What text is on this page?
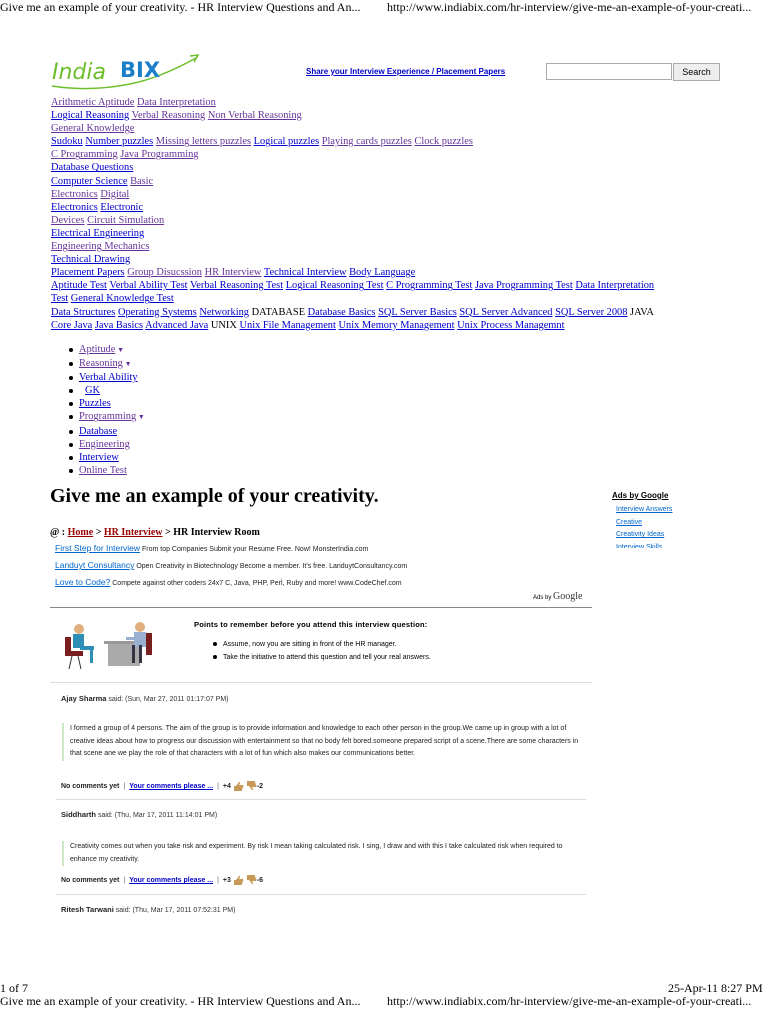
Give me an example of your creativity. - HR Interview Questions and An... http://www.indiabix.com/hr-interview/give-me-an-example-of-your-creati...
India BIX	Share your Interview Experience / Placement Papers	Search
Arithmetic Aptitude Data Interpretation
Logical Reasoning Verbal Reasoning Non Verbal Reasoning
General Knowledge
Sudoku Number puzzles Missing letters puzzles Logical puzzles Playing cards puzzles Clock puzzles
C Programming Java Programming
Database Questions
Computer Science Basic
Electronics Digital
Electronics Electronic
Devices Circuit Simulation
Electrical Engineering
Engineering Mechanics
Technical Drawing
Placement Papers Group Disucssion HR Interview Technical Interview Body Language
Aptitude Test Verbal Ability Test Verbal Reasoning Test Logical Reasoning Test C Programming Test Java Programming Test Data Interpretation
Test General Knowledge Test
Data Structures Operating Systems Networking DATABASE Database Basics SQL Server Basics SQL Server Advanced SQL Server 2008 JAVA
Core Java Java Basics Advanced Java UNIX Unix File Management Unix Memory Management Unix Process Managemnt
Aptitude ▼
Reasoning ▼
Verbal Ability
GK
Puzzles
Programming ▼
Database
Engineering
Interview
Online Test
Give me an example of your creativity.	Ads by Google
Interview Answers
Creative
Creativity Ideas
Interview Skills
@ : Home > HR Interview > HR Interview Room
First Step for Interview From top Companies Submit your Resume Free. Now! MonsterIndia.com
Landuyt Consultancy Open Creativity in Biotechnology Become a member. It's free. LanduytConsultancy.com
Love to Code? Compete against other coders 24x7 C, Java, PHP, Perl, Ruby and more! www.CodeChef.com
Ads by Google
Points to remember before you attend this interview question:
Assume, now you are sitting in front of the HR manager.
Take the initiative to attend this question and tell your real answers.
Ajay Sharma said: (Sun, Mar 27, 2011 01:17:07 PM)
I formed a group of 4 persons. The aim of the group is to provide information and knowledge to each other person in the group.We came up in group with a lot of creative ideas about how to progress our discussion with entertainment so that no body felt bored.someone prepared script of a scene.There are some characters in that scene ane we play the role of that characters with a lot of fun which also makes our communications better.
No comments yet | Your comments please ... | +4	-2
Siddharth said: (Thu, Mar 17, 2011 11:14:01 PM)
Creativity comes out when you take risk and experiment. By risk I mean taking calculated risk. I sing, I draw and with this I take calculated risk when required to enhance my creativity.
No comments yet | Your comments please ... | +3	-6
Ritesh Tarwani said: (Thu, Mar 17, 2011 07:52:31 PM)
1 of 7	25-Apr-11 8:27 PM
Give me an example of your creativity. - HR Interview Questions and An... http://www.indiabix.com/hr-interview/give-me-an-example-of-your-creati...
